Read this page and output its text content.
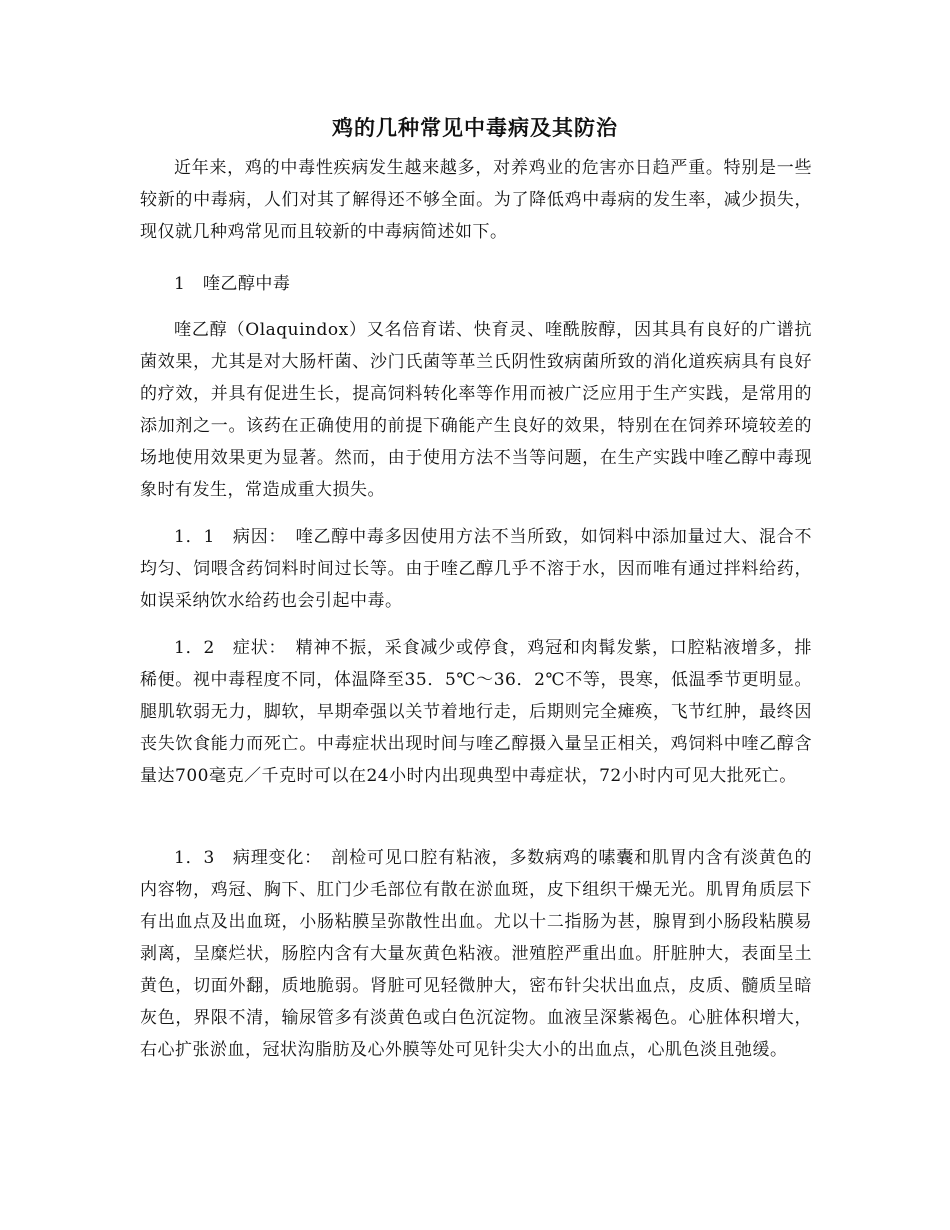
鸡的几种常见中毒病及其防治

近年来，鸡的中毒性疾病发生越来越多，对养鸡业的危害亦日趋严重。特别是一些较新的中毒病，人们对其了解得还不够全面。为了降低鸡中毒病的发生率，减少损失，现仅就几种鸡常见而且较新的中毒病简述如下。

1　喹乙醇中毒

喹乙醇（Olaquindox）又名倍育诺、快育灵、喹酰胺醇，因其具有良好的广谱抗菌效果，尤其是对大肠杆菌、沙门氏菌等革兰氏阴性致病菌所致的消化道疾病具有良好的疗效，并具有促进生长，提高饲料转化率等作用而被广泛应用于生产实践，是常用的添加剂之一。该药在正确使用的前提下确能产生良好的效果，特别在在饲养环境较差的场地使用效果更为显著。然而，由于使用方法不当等问题，在生产实践中喹乙醇中毒现象时有发生，常造成重大损失。

1．1　病因：　喹乙醇中毒多因使用方法不当所致，如饲料中添加量过大、混合不均匀、饲喂含药饲料时间过长等。由于喹乙醇几乎不溶于水，因而唯有通过拌料给药，如误采纳饮水给药也会引起中毒。

1．2　症状：　精神不振，采食减少或停食，鸡冠和肉髯发紫，口腔粘液增多，排稀便。视中毒程度不同，体温降至35．5℃～36．2℃不等，畏寒，低温季节更明显。腿肌软弱无力，脚软，早期牵强以关节着地行走，后期则完全瘫痪，飞节红肿，最终因丧失饮食能力而死亡。中毒症状出现时间与喹乙醇摄入量呈正相关，鸡饲料中喹乙醇含量达700毫克／千克时可以在24小时内出现典型中毒症状，72小时内可见大批死亡。

1．3　病理变化：　剖检可见口腔有粘液，多数病鸡的嗉囊和肌胃内含有淡黄色的内容物，鸡冠、胸下、肛门少毛部位有散在淤血斑，皮下组织干燥无光。肌胃角质层下有出血点及出血斑，小肠粘膜呈弥散性出血。尤以十二指肠为甚，腺胃到小肠段粘膜易剥离，呈糜烂状，肠腔内含有大量灰黄色粘液。泄殖腔严重出血。肝脏肿大，表面呈土黄色，切面外翻，质地脆弱。肾脏可见轻微肿大，密布针尖状出血点，皮质、髓质呈暗灰色，界限不清，输尿管多有淡黄色或白色沉淀物。血液呈深紫褐色。心脏体积增大，右心扩张淤血，冠状沟脂肪及心外膜等处可见针尖大小的出血点，心肌色淡且弛缓。
